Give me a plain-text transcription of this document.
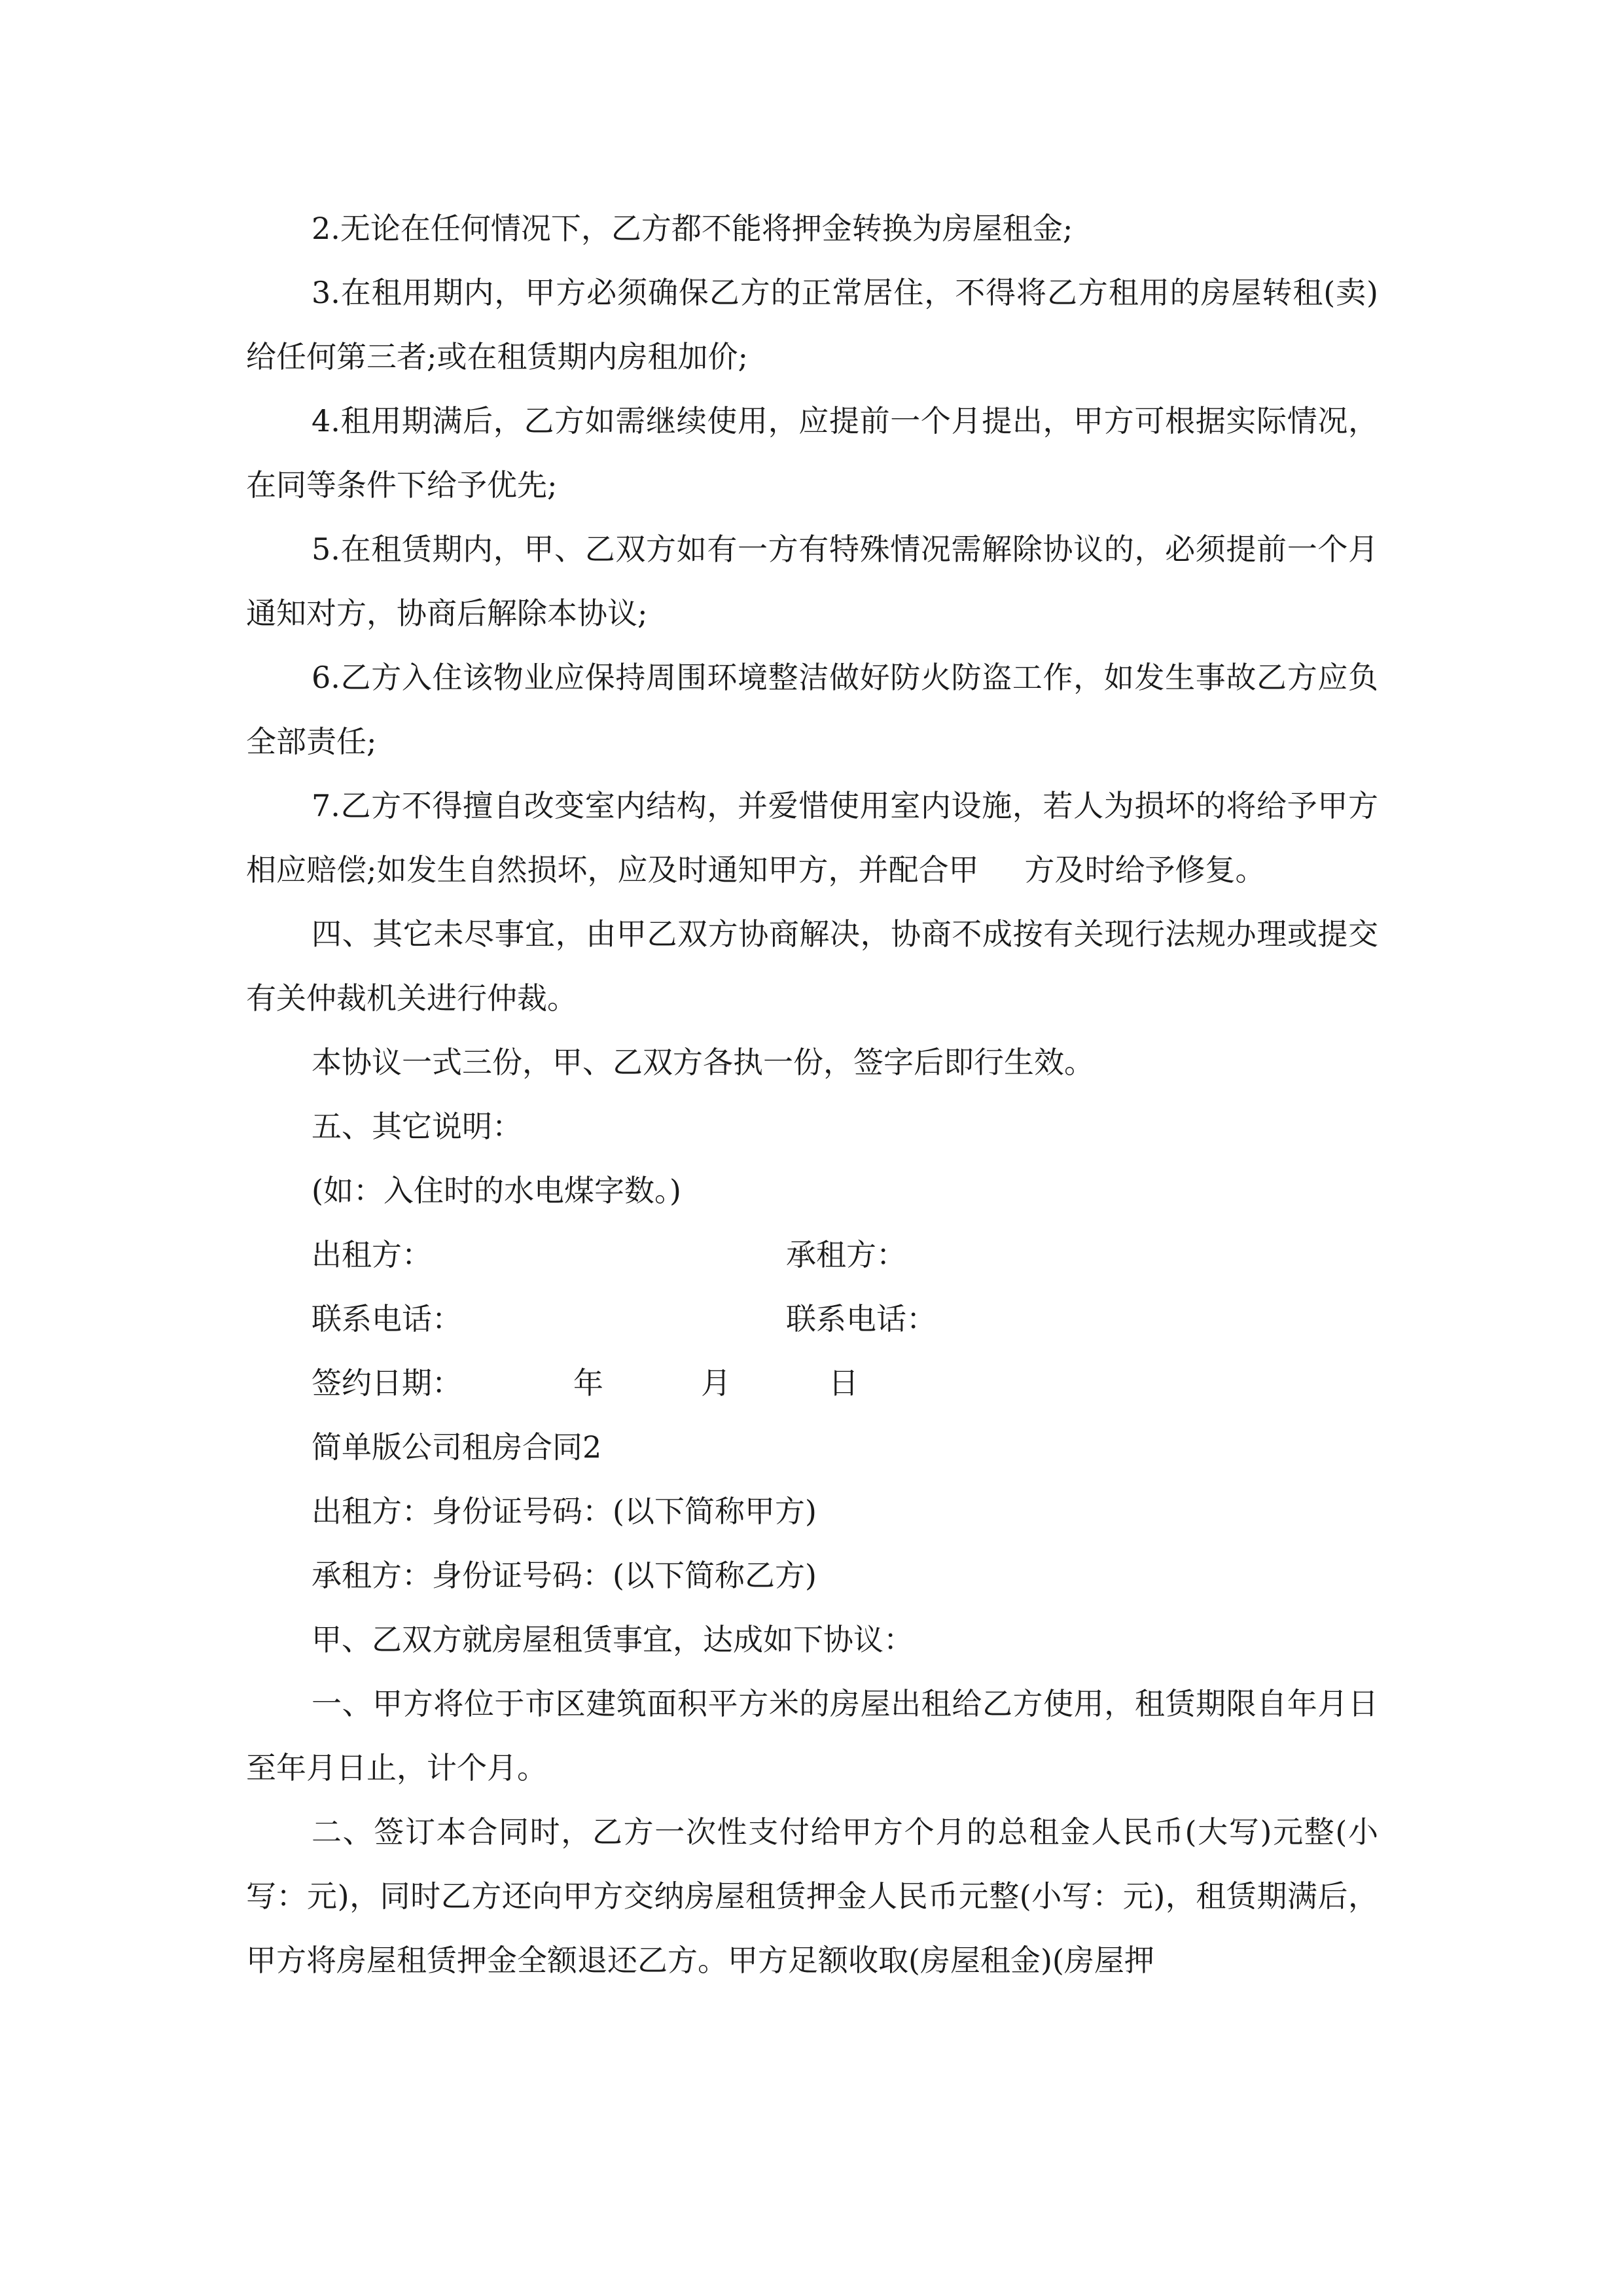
2.无论在任何情况下，乙方都不能将押金转换为房屋租金;

3.在租用期内，甲方必须确保乙方的正常居住，不得将乙方租用的房屋转租(卖)给任何第三者;或在租赁期内房租加价;

4.租用期满后，乙方如需继续使用，应提前一个月提出，甲方可根据实际情况，在同等条件下给予优先;

5.在租赁期内，甲、乙双方如有一方有特殊情况需解除协议的，必须提前一个月通知对方，协商后解除本协议;

6.乙方入住该物业应保持周围环境整洁做好防火防盗工作，如发生事故乙方应负全部责任;

7.乙方不得擅自改变室内结构，并爱惜使用室内设施，若人为损坏的将给予甲方相应赔偿;如发生自然损坏，应及时通知甲方，并配合甲 方及时给予修复。

四、其它未尽事宜，由甲乙双方协商解决，协商不成按有关现行法规办理或提交有关仲裁机关进行仲裁。

本协议一式三份，甲、乙双方各执一份，签字后即行生效。

五、其它说明：

(如：入住时的水电煤字数。)

出租方：	承租方：
联系电话：	联系电话：
签约日期：	年	月	日

简单版公司租房合同2

出租方：身份证号码：(以下简称甲方)

承租方：身份证号码：(以下简称乙方)

甲、乙双方就房屋租赁事宜，达成如下协议：

一、甲方将位于市区建筑面积平方米的房屋出租给乙方使用，租赁期限自年月日至年月日止，计个月。

二、签订本合同时，乙方一次性支付给甲方个月的总租金人民币(大写)元整(小写：元)，同时乙方还向甲方交纳房屋租赁押金人民币元整(小写：元)，租赁期满后，甲方将房屋租赁押金全额退还乙方。甲方足额收取(房屋租金)(房屋押
